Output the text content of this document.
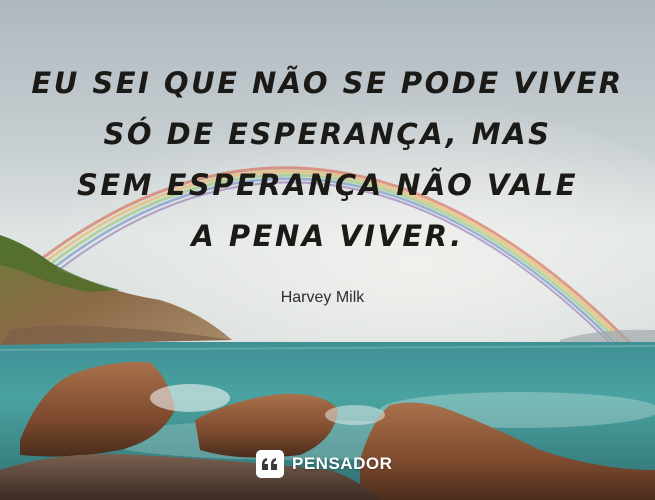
EU SEI QUE NÃO SE PODE VIVER
SÓ DE ESPERANÇA, MAS
SEM ESPERANÇA NÃO VALE
A PENA VIVER.
Harvey Milk
PENSADOR
